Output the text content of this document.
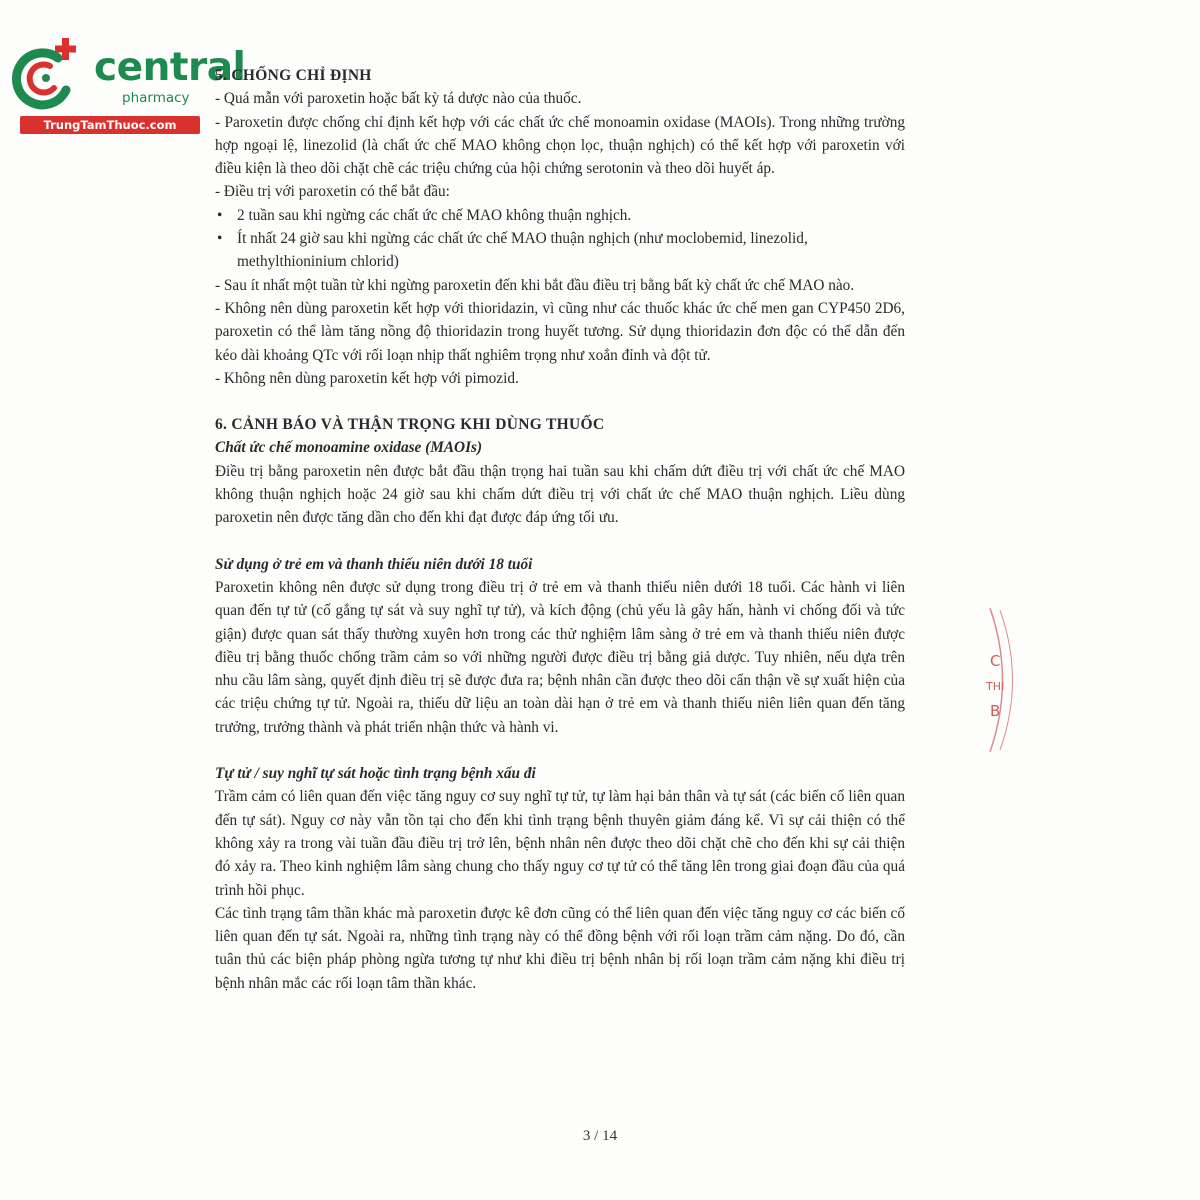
central
pharmacy
TrungTamThuoc.com
5. CHỐNG CHỈ ĐỊNH

- Quá mẫn với paroxetin hoặc bất kỳ tá dược nào của thuốc.

- Paroxetin được chống chỉ định kết hợp với các chất ức chế monoamin oxidase (MAOIs). Trong những trường hợp ngoại lệ, linezolid (là chất ức chế MAO không chọn lọc, thuận nghịch) có thể kết hợp với paroxetin với điều kiện là theo dõi chặt chẽ các triệu chứng của hội chứng serotonin và theo dõi huyết áp.

- Điều trị với paroxetin có thể bắt đầu:

• 2 tuần sau khi ngừng các chất ức chế MAO không thuận nghịch.

• Ít nhất 24 giờ sau khi ngừng các chất ức chế MAO thuận nghịch (như moclobemid, linezolid, methylthioninium chlorid)

- Sau ít nhất một tuần từ khi ngừng paroxetin đến khi bắt đầu điều trị bằng bất kỳ chất ức chế MAO nào.

- Không nên dùng paroxetin kết hợp với thioridazin, vì cũng như các thuốc khác ức chế men gan CYP450 2D6, paroxetin có thể làm tăng nồng độ thioridazin trong huyết tương. Sử dụng thioridazin đơn độc có thể dẫn đến kéo dài khoảng QTc với rối loạn nhịp thất nghiêm trọng như xoắn đỉnh và đột tử.

- Không nên dùng paroxetin kết hợp với pimozid.

6. CẢNH BÁO VÀ THẬN TRỌNG KHI DÙNG THUỐC
Chất ức chế monoamine oxidase (MAOIs)

Điều trị bằng paroxetin nên được bắt đầu thận trọng hai tuần sau khi chấm dứt điều trị với chất ức chế MAO không thuận nghịch hoặc 24 giờ sau khi chấm dứt điều trị với chất ức chế MAO thuận nghịch. Liều dùng paroxetin nên được tăng dần cho đến khi đạt được đáp ứng tối ưu.

Sử dụng ở trẻ em và thanh thiếu niên dưới 18 tuổi

Paroxetin không nên được sử dụng trong điều trị ở trẻ em và thanh thiếu niên dưới 18 tuổi. Các hành vi liên quan đến tự tử (cố gắng tự sát và suy nghĩ tự tử), và kích động (chủ yếu là gây hấn, hành vi chống đối và tức giận) được quan sát thấy thường xuyên hơn trong các thử nghiệm lâm sàng ở trẻ em và thanh thiếu niên được điều trị bằng thuốc chống trầm cảm so với những người được điều trị bằng giả dược. Tuy nhiên, nếu dựa trên nhu cầu lâm sàng, quyết định điều trị sẽ được đưa ra; bệnh nhân cần được theo dõi cẩn thận về sự xuất hiện của các triệu chứng tự tử. Ngoài ra, thiếu dữ liệu an toàn dài hạn ở trẻ em và thanh thiếu niên liên quan đến tăng trưởng, trưởng thành và phát triển nhận thức và hành vi.

Tự tử / suy nghĩ tự sát hoặc tình trạng bệnh xấu đi

Trầm cảm có liên quan đến việc tăng nguy cơ suy nghĩ tự tử, tự làm hại bản thân và tự sát (các biến cố liên quan đến tự sát). Nguy cơ này vẫn tồn tại cho đến khi tình trạng bệnh thuyên giảm đáng kể. Vì sự cải thiện có thể không xảy ra trong vài tuần đầu điều trị trở lên, bệnh nhân nên được theo dõi chặt chẽ cho đến khi sự cải thiện đó xảy ra. Theo kinh nghiệm lâm sàng chung cho thấy nguy cơ tự tử có thể tăng lên trong giai đoạn đầu của quá trình hồi phục.

Các tình trạng tâm thần khác mà paroxetin được kê đơn cũng có thể liên quan đến việc tăng nguy cơ các biến cố liên quan đến tự sát. Ngoài ra, những tình trạng này có thể đồng bệnh với rối loạn trầm cảm nặng. Do đó, cần tuân thủ các biện pháp phòng ngừa tương tự như khi điều trị bệnh nhân bị rối loạn trầm cảm nặng khi điều trị bệnh nhân mắc các rối loạn tâm thần khác.

C
THI
B
3 / 14
